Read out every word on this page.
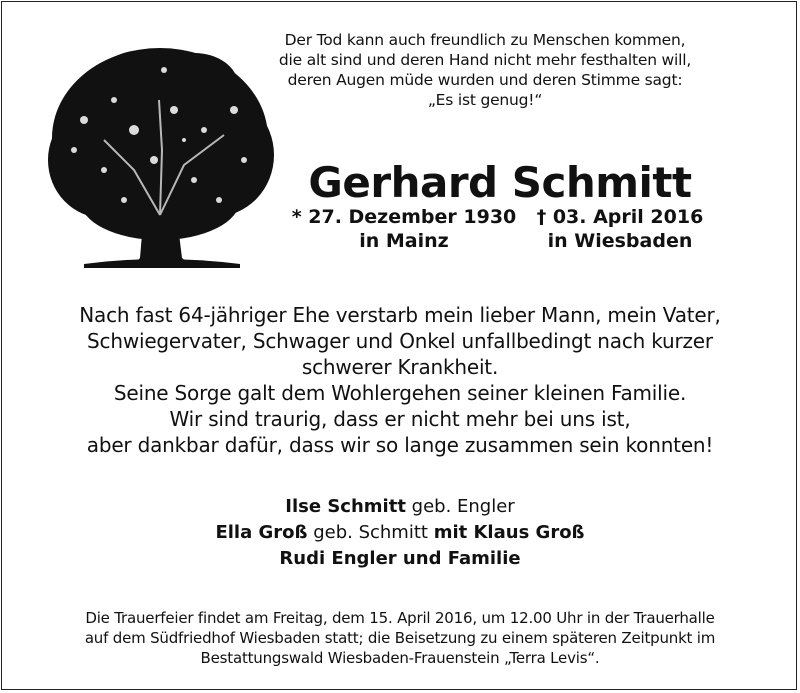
Der Tod kann auch freundlich zu Menschen kommen,
die alt sind und deren Hand nicht mehr festhalten will,
deren Augen müde wurden und deren Stimme sagt:
„Es ist genug!“
Gerhard Schmitt
* 27. Dezember 1930
in Mainz
† 03. April 2016
in Wiesbaden
Nach fast 64-jähriger Ehe verstarb mein lieber Mann, mein Vater,
Schwiegervater, Schwager und Onkel unfallbedingt nach kurzer
schwerer Krankheit.
Seine Sorge galt dem Wohlergehen seiner kleinen Familie.
Wir sind traurig, dass er nicht mehr bei uns ist,
aber dankbar dafür, dass wir so lange zusammen sein konnten!
Ilse Schmitt geb. Engler
Ella Groß geb. Schmitt mit Klaus Groß
Rudi Engler und Familie
Die Trauerfeier findet am Freitag, dem 15. April 2016, um 12.00 Uhr in der Trauerhalle
auf dem Südfriedhof Wiesbaden statt; die Beisetzung zu einem späteren Zeitpunkt im
Bestattungswald Wiesbaden-Frauenstein „Terra Levis“.
